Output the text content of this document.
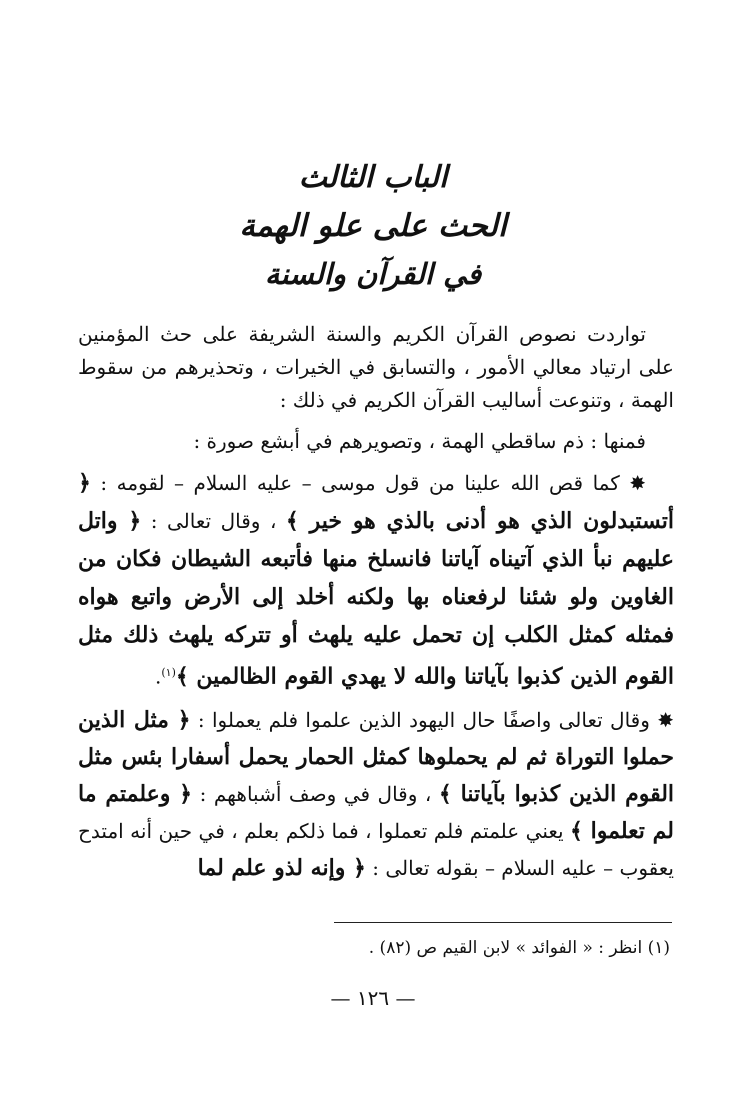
الباب الثالث
الحث على علو الهمة
في القرآن والسنة

تواردت نصوص القرآن الكريم والسنة الشريفة على حث المؤمنين على ارتياد معالي الأمور ، والتسابق في الخيرات ، وتحذيرهم من سقوط الهمة ، وتنوعت أساليب القرآن الكريم في ذلك :

فمنها : ذم ساقطي الهمة ، وتصويرهم في أبشع صورة :

✸ كما قص الله علينا من قول موسى – عليه السلام – لقومه : ﴿ أتستبدلون الذي هو أدنى بالذي هو خير ﴾ ، وقال تعالى : ﴿ واتل عليهم نبأ الذي آتيناه آياتنا فانسلخ منها فأتبعه الشيطان فكان من الغاوين ولو شئنا لرفعناه بها ولكنه أخلد إلى الأرض واتبع هواه فمثله كمثل الكلب إن تحمل عليه يلهث أو تتركه يلهث ذلك مثل القوم الذين كذبوا بآياتنا والله لا يهدي القوم الظالمين ﴾$^{(١)}$.

✸ وقال تعالى واصفًا حال اليهود الذين علموا فلم يعملوا : ﴿ مثل الذين حملوا التوراة ثم لم يحملوها كمثل الحمار يحمل أسفارا بئس مثل القوم الذين كذبوا بآياتنا ﴾ ، وقال في وصف أشباههم : ﴿ وعلمتم ما لم تعلموا ﴾ يعني علمتم فلم تعملوا ، فما ذلكم بعلم ، في حين أنه امتدح يعقوب – عليه السلام – بقوله تعالى : ﴿ وإنه لذو علم لما

(١) انظر : « الفوائد » لابن القيم ص (٨٢) .
— ١٢٦ —
